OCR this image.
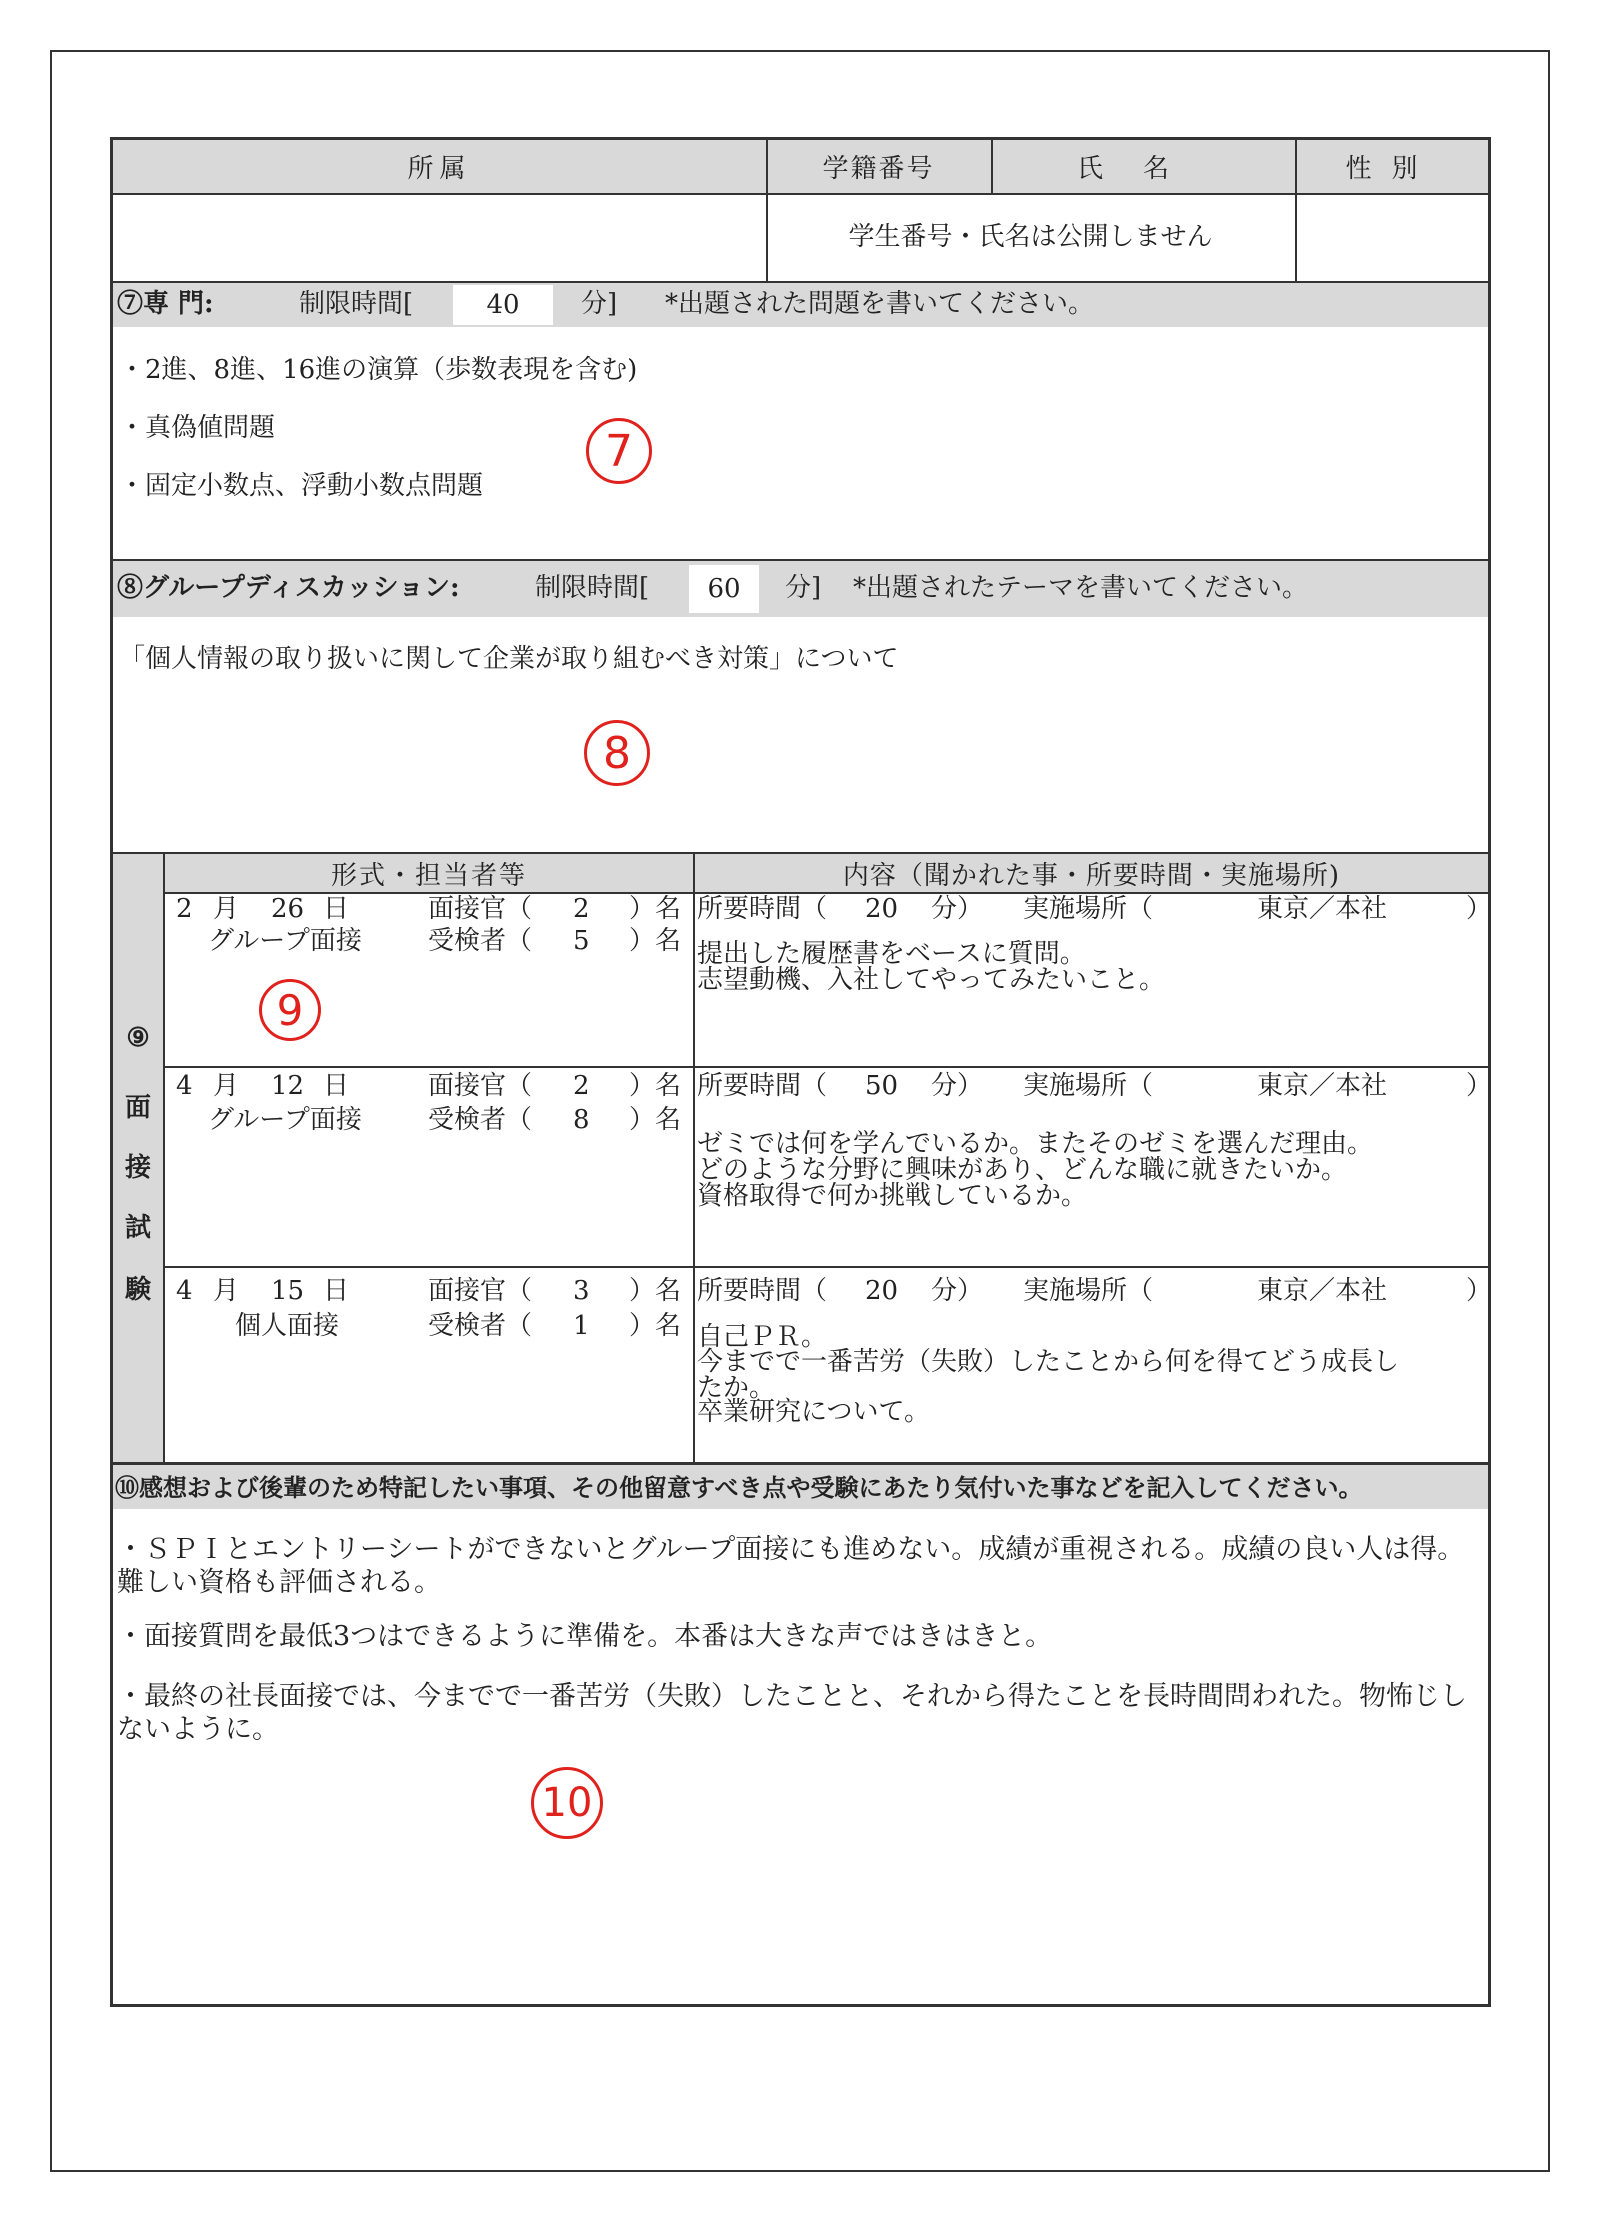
所属	学籍番号	氏名	性別
学生番号・氏名は公開しません
⑦専 門:	制限時間[	40	分] *出題された問題を書いてください。
・2進、8進、16進の演算（歩数表現を含む)
・真偽値問題
・固定小数点、浮動小数点問題
7
⑧グループディスカッション:	制限時間[	60	分] *出題されたテーマを書いてください。
「個人情報の取り扱いに関して企業が取り組むべき対策」について
8
形式・担当者等	内容（聞かれた事・所要時間・実施場所)
⑨
面
接
試
験
9
2 月 26 日	面接官（ 2 ）名
グループ面接	受検者（ 5 ）名
所要時間（ 20 分） 実施場所（	東京／本社	）
提出した履歴書をベースに質問。
志望動機、入社してやってみたいこと。
4 月 12 日	面接官（ 2 ）名
グループ面接	受検者（ 8 ）名
所要時間（ 50 分） 実施場所（	東京／本社	）
ゼミでは何を学んでいるか。またそのゼミを選んだ理由。
どのような分野に興味があり、どんな職に就きたいか。
資格取得で何か挑戦しているか。
4 月 15 日	面接官（ 3 ）名
個人面接	受検者（ 1 ）名
所要時間（ 20 分） 実施場所（	東京／本社	）
自己ＰＲ。
今までで一番苦労（失敗）したことから何を得てどう成長し
たか。
卒業研究について。
⑩感想および後輩のため特記したい事項、その他留意すべき点や受験にあたり気付いた事などを記入してください。
・ＳＰＩとエントリーシートができないとグループ面接にも進めない。成績が重視される。成績の良い人は得。難しい資格も評価される。
・面接質問を最低3つはできるように準備を。本番は大きな声ではきはきと。
・最終の社長面接では、今までで一番苦労（失敗）したことと、それから得たことを長時間問われた。物怖じしないように。
10
